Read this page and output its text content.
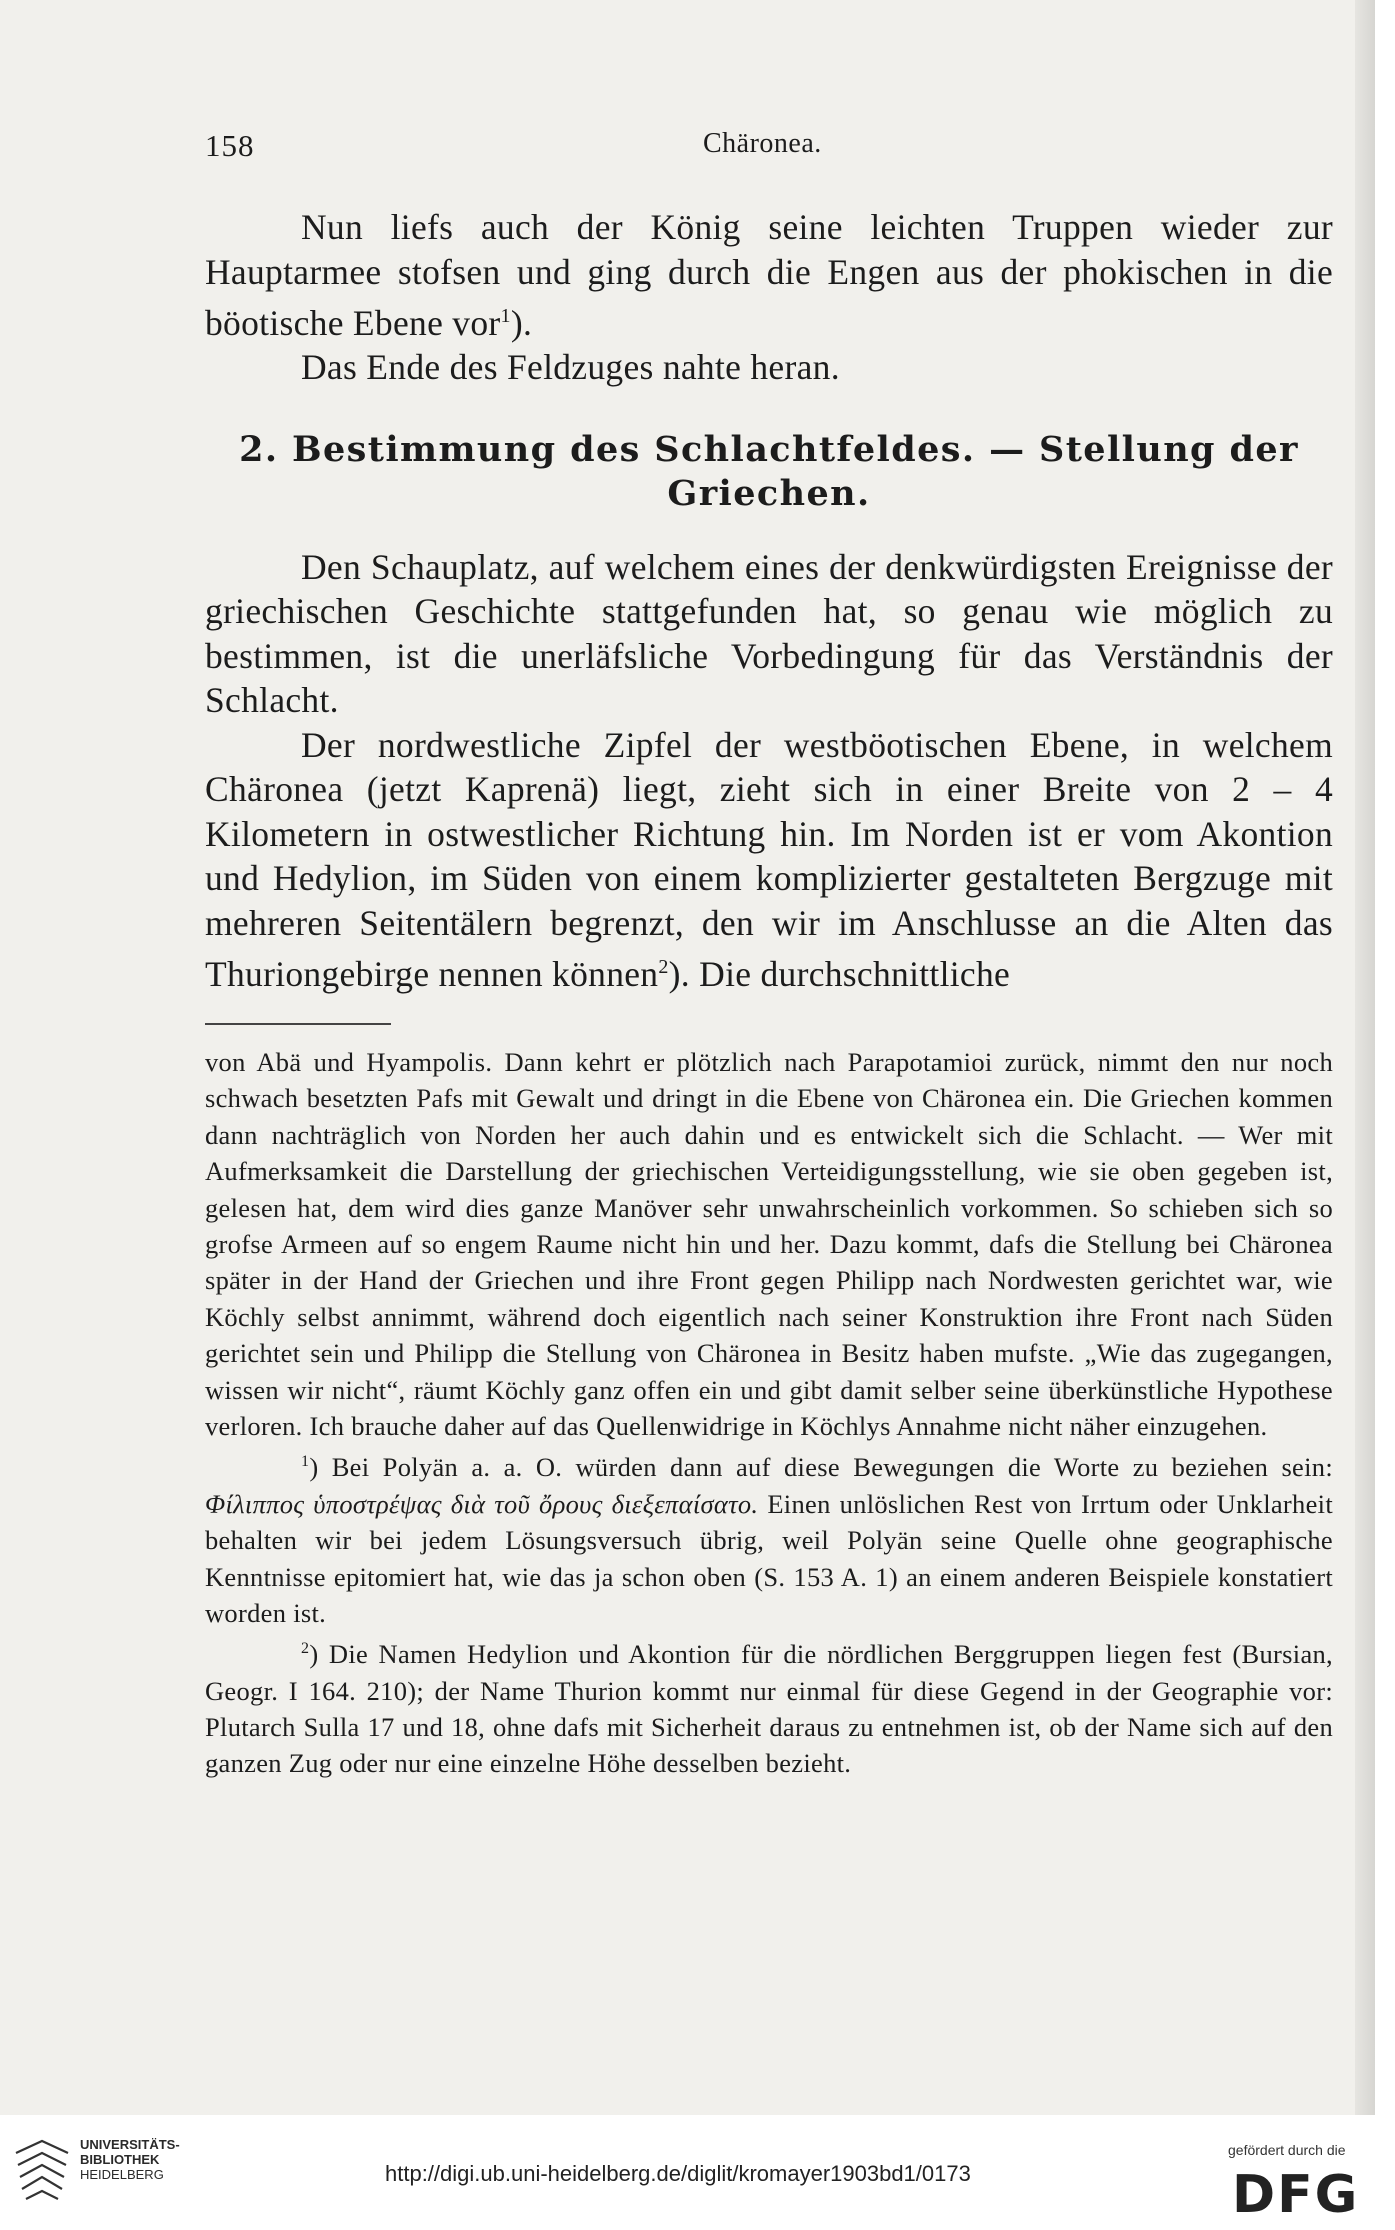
158	Chäronea.

Nun liefs auch der König seine leichten Truppen wieder zur Hauptarmee stofsen und ging durch die Engen aus der phokischen in die böotische Ebene vor$^1$).

Das Ende des Feldzuges nahte heran.

2. Bestimmung des Schlachtfeldes. — Stellung der Griechen.

Den Schauplatz, auf welchem eines der denkwürdigsten Ereignisse der griechischen Geschichte stattgefunden hat, so genau wie möglich zu bestimmen, ist die unerläfsliche Vorbedingung für das Verständnis der Schlacht.

Der nordwestliche Zipfel der westböotischen Ebene, in welchem Chäronea (jetzt Kaprenä) liegt, zieht sich in einer Breite von 2 – 4 Kilometern in ostwestlicher Richtung hin. Im Norden ist er vom Akontion und Hedylion, im Süden von einem komplizierter gestalteten Bergzuge mit mehreren Seitentälern begrenzt, den wir im Anschlusse an die Alten das Thuriongebirge nennen können$^2$). Die durchschnittliche

von Abä und Hyampolis. Dann kehrt er plötzlich nach Parapotamioi zurück, nimmt den nur noch schwach besetzten Pafs mit Gewalt und dringt in die Ebene von Chäronea ein. Die Griechen kommen dann nachträglich von Norden her auch dahin und es entwickelt sich die Schlacht. — Wer mit Aufmerksamkeit die Darstellung der griechischen Verteidigungsstellung, wie sie oben gegeben ist, gelesen hat, dem wird dies ganze Manöver sehr unwahrscheinlich vorkommen. So schieben sich so grofse Armeen auf so engem Raume nicht hin und her. Dazu kommt, dafs die Stellung bei Chäronea später in der Hand der Griechen und ihre Front gegen Philipp nach Nordwesten gerichtet war, wie Köchly selbst annimmt, während doch eigentlich nach seiner Konstruktion ihre Front nach Süden gerichtet sein und Philipp die Stellung von Chäronea in Besitz haben mufste. „Wie das zugegangen, wissen wir nicht“, räumt Köchly ganz offen ein und gibt damit selber seine überkünstliche Hypothese verloren. Ich brauche daher auf das Quellenwidrige in Köchlys Annahme nicht näher einzugehen.

$^1$) Bei Polyän a. a. O. würden dann auf diese Bewegungen die Worte zu beziehen sein: Φίλιππος ὑποστρέψας διὰ τοῦ ὄρους διεξεπαίσατο. Einen unlöslichen Rest von Irrtum oder Unklarheit behalten wir bei jedem Lösungsversuch übrig, weil Polyän seine Quelle ohne geographische Kenntnisse epitomiert hat, wie das ja schon oben (S. 153 A. 1) an einem anderen Beispiele konstatiert worden ist.

$^2$) Die Namen Hedylion und Akontion für die nördlichen Berggruppen liegen fest (Bursian, Geogr. I 164. 210); der Name Thurion kommt nur einmal für diese Gegend in der Geographie vor: Plutarch Sulla 17 und 18, ohne dafs mit Sicherheit daraus zu entnehmen ist, ob der Name sich auf den ganzen Zug oder nur eine einzelne Höhe desselben bezieht.

UNIVERSITÄTS-
BIBLIOTHEK
HEIDELBERG	http://digi.ub.uni-heidelberg.de/diglit/kromayer1903bd1/0173
gefördert durch die
DFG
